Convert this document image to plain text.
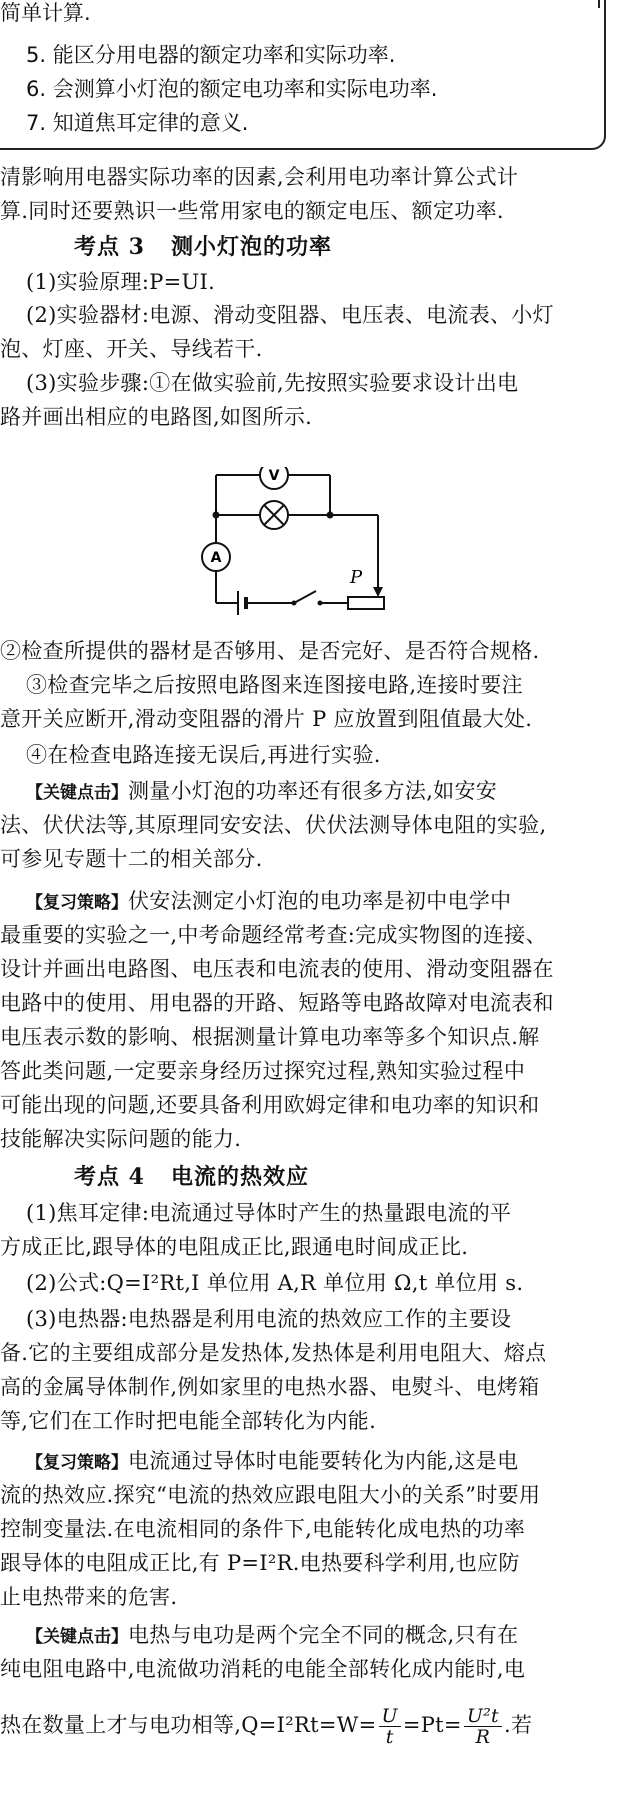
简单计算.
5. 能区分用电器的额定功率和实际功率.
6. 会测算小灯泡的额定电功率和实际电功率.
7. 知道焦耳定律的意义.
清影响用电器实际功率的因素,会利用电功率计算公式计
算.同时还要熟识一些常用家电的额定电压、额定功率.
考点 3 测小灯泡的功率
(1)实验原理:P=UI.
(2)实验器材:电源、滑动变阻器、电压表、电流表、小灯
泡、灯座、开关、导线若干.
(3)实验步骤:①在做实验前,先按照实验要求设计出电
路并画出相应的电路图,如图所示.
V
A
P
②检查所提供的器材是否够用、是否完好、是否符合规格.
③检查完毕之后按照电路图来连图接电路,连接时要注
意开关应断开,滑动变阻器的滑片 P 应放置到阻值最大处.
④在检查电路连接无误后,再进行实验.
【关键点击】测量小灯泡的功率还有很多方法,如安安
法、伏伏法等,其原理同安安法、伏伏法测导体电阻的实验,
可参见专题十二的相关部分.
【复习策略】伏安法测定小灯泡的电功率是初中电学中
最重要的实验之一,中考命题经常考查:完成实物图的连接、
设计并画出电路图、电压表和电流表的使用、滑动变阻器在
电路中的使用、用电器的开路、短路等电路故障对电流表和
电压表示数的影响、根据测量计算电功率等多个知识点.解
答此类问题,一定要亲身经历过探究过程,熟知实验过程中
可能出现的问题,还要具备利用欧姆定律和电功率的知识和
技能解决实际问题的能力.
考点 4 电流的热效应
(1)焦耳定律:电流通过导体时产生的热量跟电流的平
方成正比,跟导体的电阻成正比,跟通电时间成正比.
(2)公式:Q=I²Rt,I 单位用 A,R 单位用 Ω,t 单位用 s.
(3)电热器:电热器是利用电流的热效应工作的主要设
备.它的主要组成部分是发热体,发热体是利用电阻大、熔点
高的金属导体制作,例如家里的电热水器、电熨斗、电烤箱
等,它们在工作时把电能全部转化为内能.
【复习策略】电流通过导体时电能要转化为内能,这是电
流的热效应.探究“电流的热效应跟电阻大小的关系”时要用
控制变量法.在电流相同的条件下,电能转化成电热的功率
跟导体的电阻成正比,有 P=I²R.电热要科学利用,也应防
止电热带来的危害.
【关键点击】电热与电功是两个完全不同的概念,只有在
纯电阻电路中,电流做功消耗的电能全部转化成内能时,电
热在数量上才与电功相等$,Q=I^2Rt=W= \frac{U}{t} =Pt= \frac{\text{U²t}}{R}$ .若
